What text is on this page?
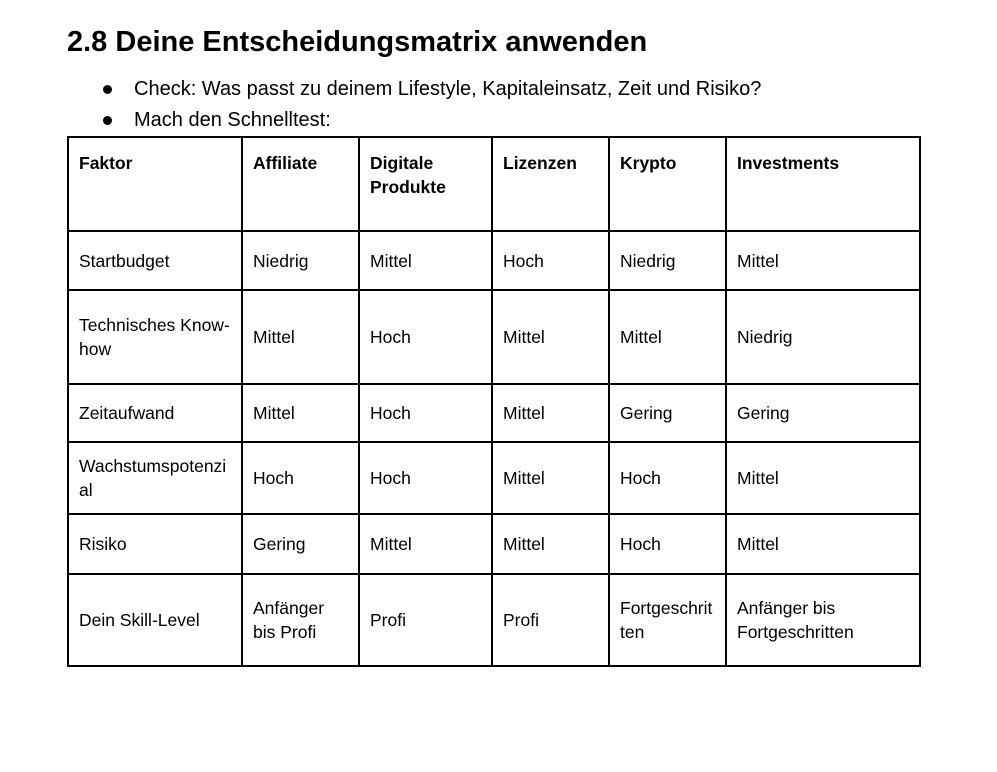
2.8 Deine Entscheidungsmatrix anwenden
Check: Was passt zu deinem Lifestyle, Kapitaleinsatz, Zeit und Risiko?
Mach den Schnelltest:
Faktor	Affiliate	Digitale Produkte	Lizenzen	Krypto	Investments
Startbudget	Niedrig	Mittel	Hoch	Niedrig	Mittel
Technisches Know-how	Mittel	Hoch	Mittel	Mittel	Niedrig
Zeitaufwand	Mittel	Hoch	Mittel	Gering	Gering
Wachstumspotenzial	Hoch	Hoch	Mittel	Hoch	Mittel
Risiko	Gering	Mittel	Mittel	Hoch	Mittel
Dein Skill-Level	Anfänger bis Profi	Profi	Profi	Fortgeschritten	Anfänger bis Fortgeschritten
